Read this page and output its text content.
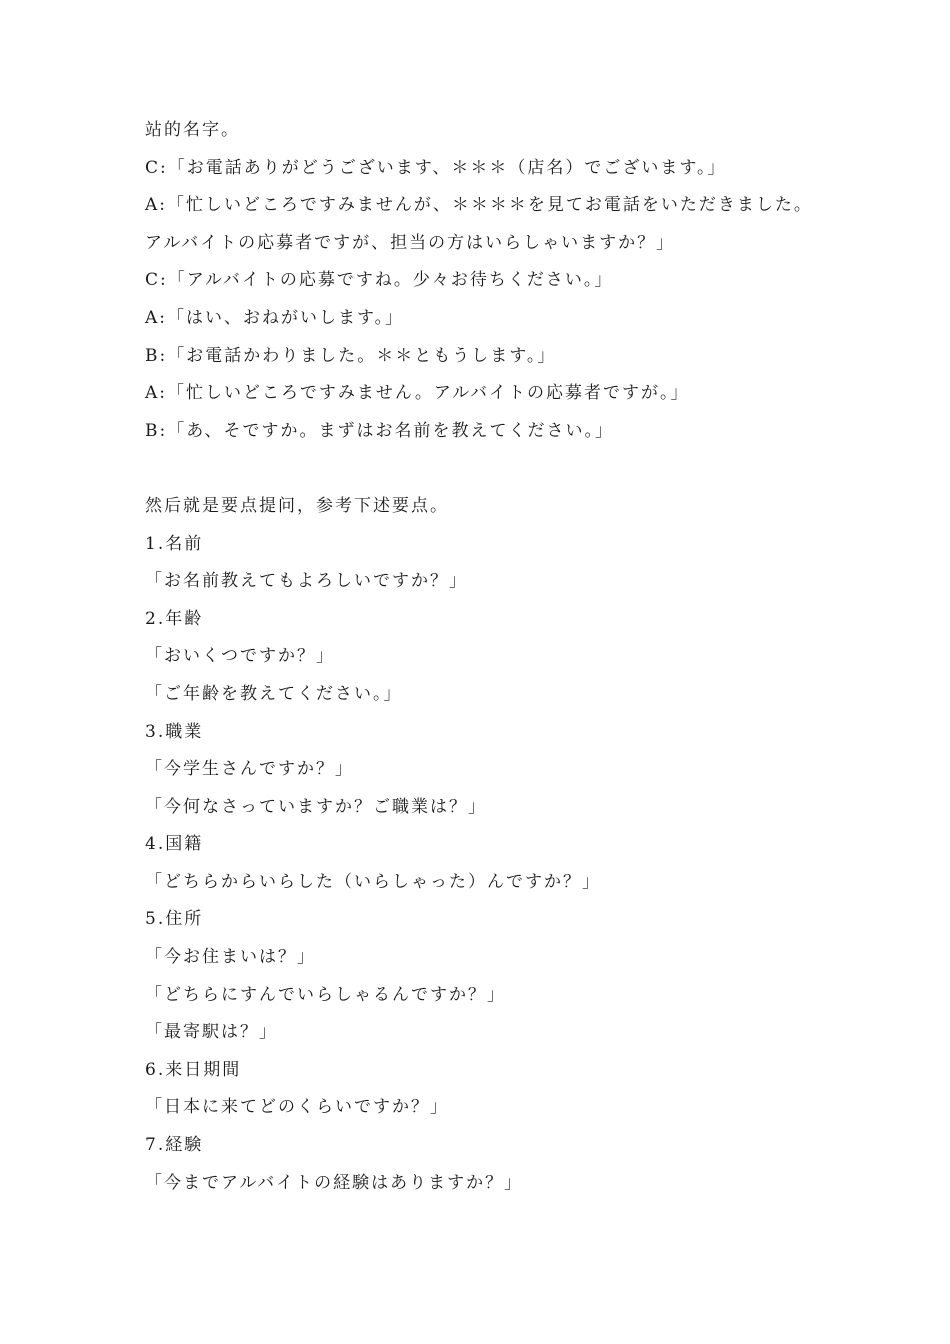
站的名字。
C:「お電話ありがどうございます、＊＊＊（店名）でございます。」
A:「忙しいどころですみませんが、＊＊＊＊を見てお電話をいただきました。
アルバイトの応募者ですが、担当の方はいらしゃいますか？」
C:「アルバイトの応募ですね。少々お待ちください。」
A:「はい、おねがいします。」
B:「お電話かわりました。＊＊ともうします。」
A:「忙しいどころですみません。アルバイトの応募者ですが。」
B:「あ、そですか。まずはお名前を教えてください。」
然后就是要点提问，参考下述要点。
1.名前
「お名前教えてもよろしいですか？」
2.年齢
「おいくつですか？」
「ご年齢を教えてください。」
3.職業
「今学生さんですか？」
「今何なさっていますか？ご職業は？」
4.国籍
「どちらからいらした（いらしゃった）んですか？」
5.住所
「今お住まいは？」
「どちらにすんでいらしゃるんですか？」
「最寄駅は？」
6.来日期間
「日本に来てどのくらいですか？」
7.経験
「今までアルバイトの経験はありますか？」
